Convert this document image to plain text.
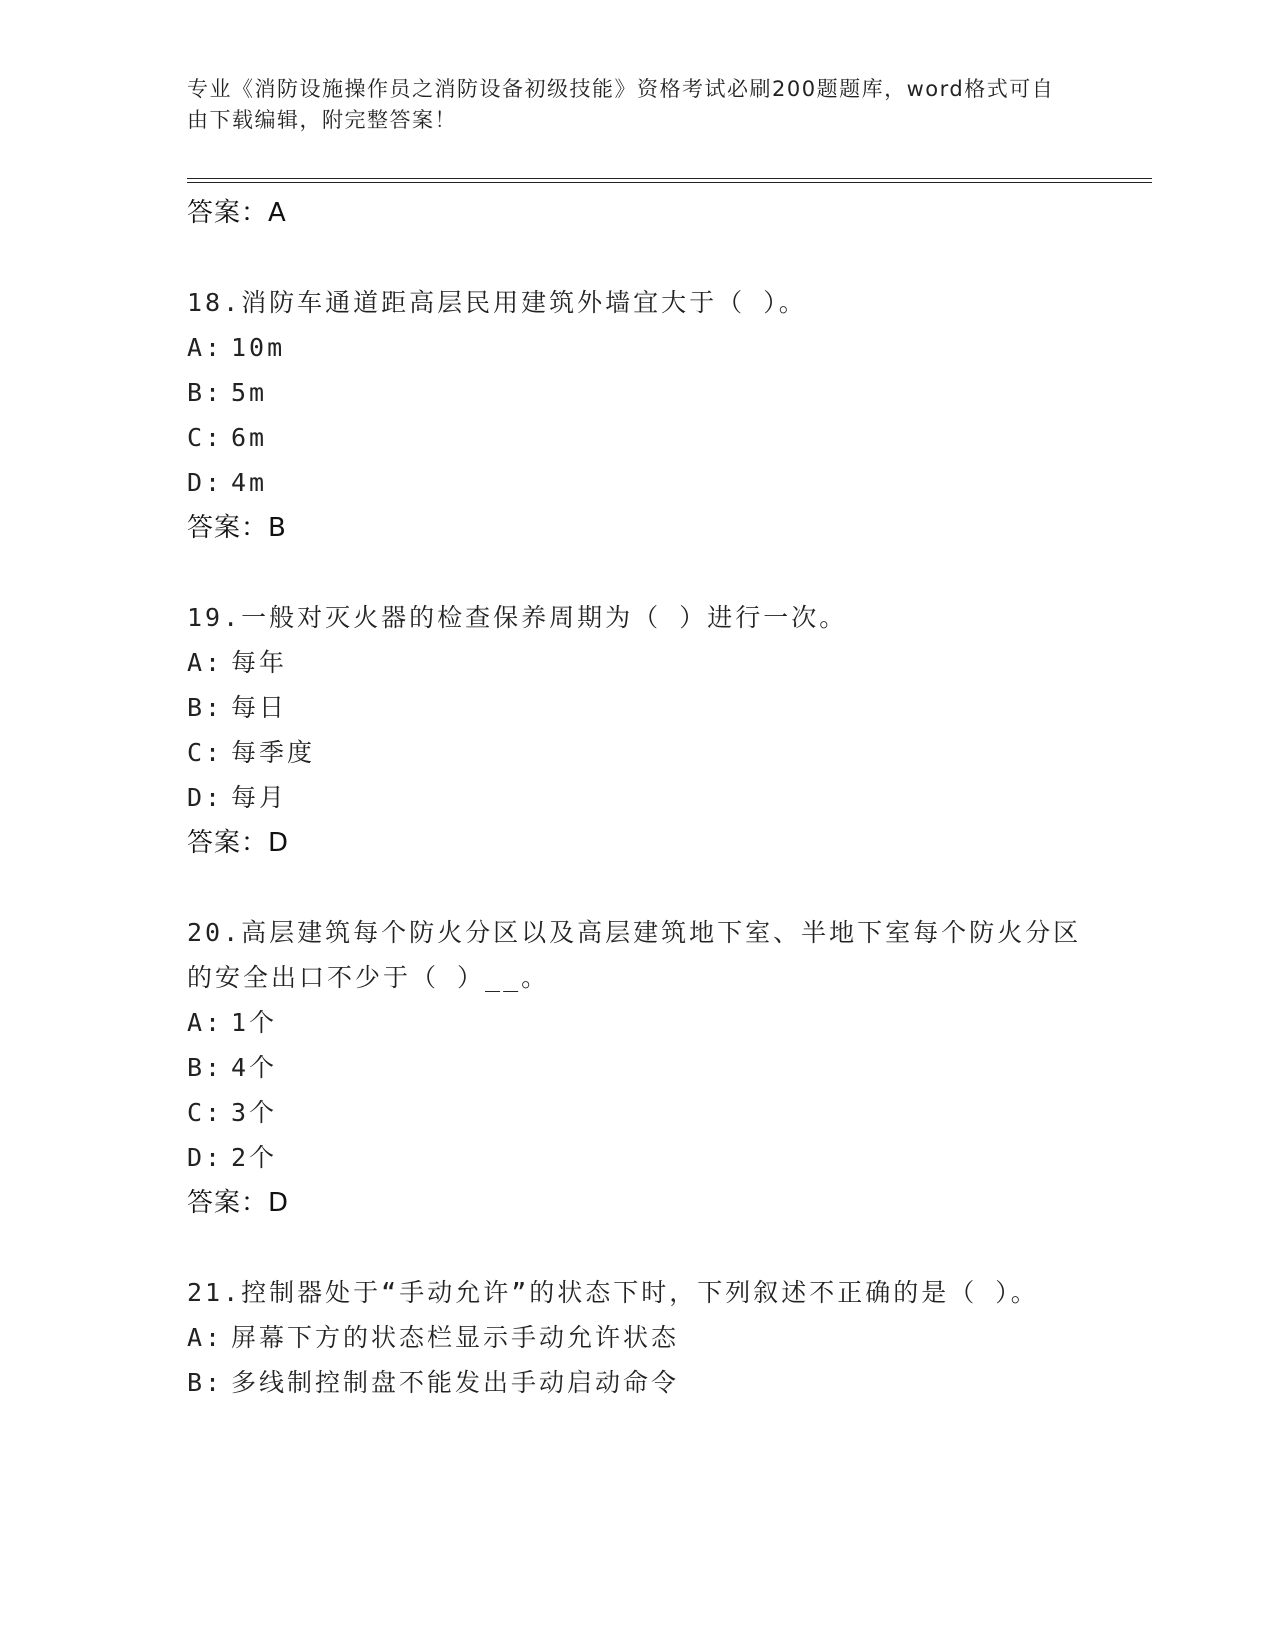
专业《消防设施操作员之消防设备初级技能》资格考试必刷200题题库，word格式可自由下载编辑，附完整答案！
答案：A
18.消防车通道距高层民用建筑外墙宜大于（ ）。
A: 10m
B: 5m
C: 6m
D: 4m
答案：B
19.一般对灭火器的检查保养周期为（ ）进行一次。
A: 每年
B: 每日
C: 每季度
D: 每月
答案：D
20.高层建筑每个防火分区以及高层建筑地下室、半地下室每个防火分区的安全出口不少于（ ）__。
A: 1个
B: 4个
C: 3个
D: 2个
答案：D
21.控制器处于“手动允许”的状态下时，下列叙述不正确的是（ ）。
A: 屏幕下方的状态栏显示手动允许状态
B: 多线制控制盘不能发出手动启动命令
